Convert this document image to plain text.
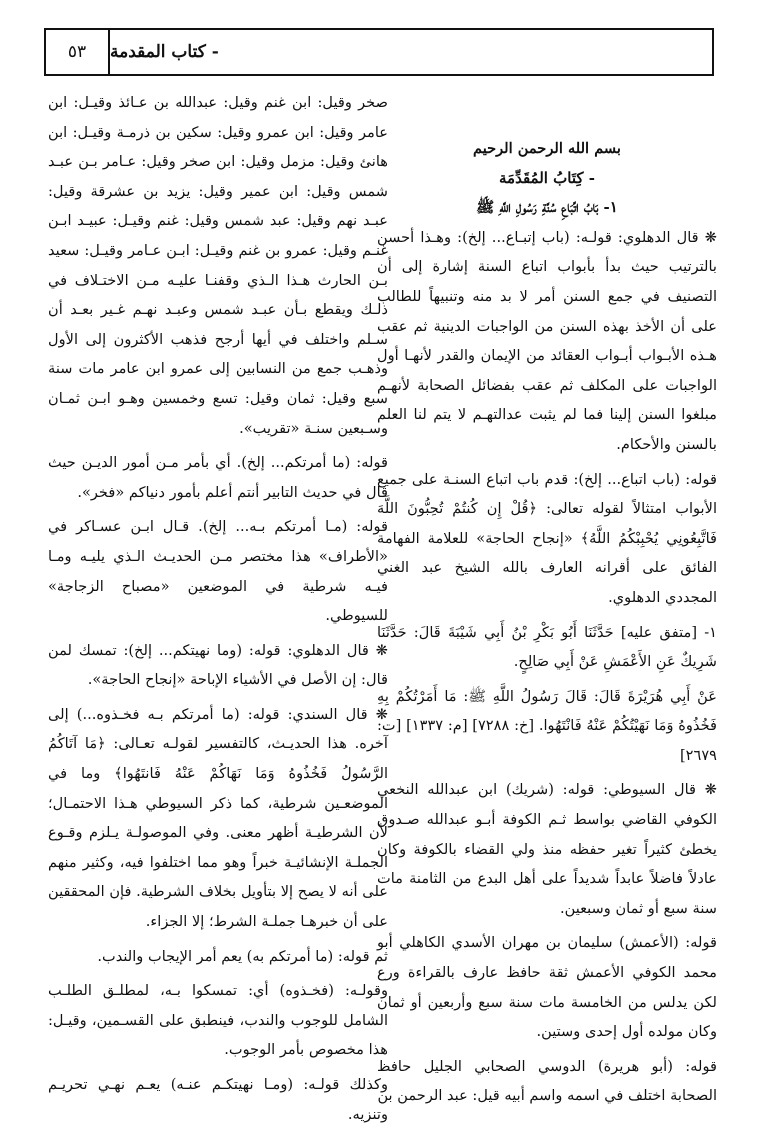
٥٣	- كتاب المقدمة

بسم الله الرحمن الرحيم

- كِتَابُ المُقَدِّمَة

١- بَابُ اتِّبَاعِ سُنَّةِ رَسُولِ اللَّهِ ﷺ

❋ قال الدهلوي: قولـه: (باب إتبـاع... إلخ): وهـذا أحسن بالترتيب حيث بدأ بأبواب اتباع السنة إشارة إلى أن التصنيف في جمع السنن أمر لا بد منه وتنبيهاً للطالب على أن الأخذ بهذه السنن من الواجبات الدينية ثم عقب هـذه الأبـواب أبـواب العقائد من الإيمان والقدر لأنهـا أول الواجبات على المكلف ثم عقب بفضائل الصحابة لأنهـم مبلغوا السنن إلينا فما لم يثبت عدالتهـم لا يتم لنا العلم بالسنن والأحكام.

قوله: (باب اتباع... إلخ): قدم باب اتباع السنـة على جميع الأبواب امتثالاً لقوله تعالى: ﴿قُلْ إِن كُنتُمْ تُحِبُّونَ اللَّهَ فَاتَّبِعُونِي يُحْبِبْكُمُ اللَّهُ﴾ «إنجاح الحاجة» للعلامة الفهامة الفائق على أقرانه العارف بالله الشيخ عبد الغني المجددي الدهلوي.

١- [متفق عليه] حَدَّثَنَا أَبُو بَكْرِ بْنُ أَبِي شَيْبَةَ قَالَ: حَدَّثَنَا شَرِيكٌ عَنِ الأَعْمَشِ عَنْ أَبِي صَالِحٍ.

عَنْ أَبِي هُرَيْرَةَ قَالَ: قَالَ رَسُولُ اللَّهِ ﷺ: مَا أَمَرْتُكُمْ بِهِ فَخُذُوهُ وَمَا نَهَيْتُكُمْ عَنْهُ فَانْتَهُوا. [خ: ٧٢٨٨] [م: ١٣٣٧] [ت: ٢٦٧٩]

❋ قال السيوطي: قوله: (شريك) ابن عبدالله النخعي الكوفي القاضي بواسط ثـم الكوفة أبـو عبدالله صـدوق يخطئ كثيراً تغير حفظه منذ ولي القضاء بالكوفة وكان عادلاً فاضلاً عابداً شديداً على أهل البدع من الثامنة مات سنة سبع أو ثمان وسبعين.

قوله: (الأعمش) سليمان بن مهران الأسدي الكاهلي أبو محمد الكوفي الأعمش ثقة حافظ عارف بالقراءة ورع لكن يدلس من الخامسة مات سنة سبع وأربعين أو ثمان وكان مولده أول إحدى وستين.

قوله: (أبو هريرة) الدوسي الصحابي الجليل حافظ الصحابة اختلف في اسمه واسم أبيه قيل: عبد الرحمن بن

صخر وقيل: ابن غنم وقيل: عبدالله بن عـائذ وقيـل: ابن عامر وقيل: ابن عمرو وقيل: سكين بن ذرمـة وقيـل: ابن هانئ وقيل: مزمل وقيل: ابن صخر وقيل: عـامر بـن عبـد شمس وقيل: ابن عمير وقيل: يزيد بن عشرقة وقيل: عبـد نهم وقيل: عبد شمس وقيل: غنم وقيـل: عبيـد ابـن غنـم وقيل: عمرو بن غنم وقيـل: ابـن عـامر وقيـل: سعيد بـن الحارث هـذا الـذي وقفنـا عليـه مـن الاختـلاف في ذلـك ويقطع بـأن عبـد شمس وعبـد نهـم غـير بعـد أن سـلم واختلف في أيها أرجح فذهب الأكثرون إلى الأول وذهـب جمع من النسابين إلى عمرو ابن عامر مات سنة سبع وقيل: ثمان وقيل: تسع وخمسين وهـو ابـن ثمـان وسـبعين سنـة «تقريب».

قوله: (ما أمرتكم... إلخ). أي بأمر مـن أمور الديـن حيث قال في حديث التابير أنتم أعلم بأمور دنياكم «فخر».

قوله: (مـا أمرتكم بـه... إلخ). قـال ابـن عسـاكر في «الأطراف» هذا مختصر مـن الحديـث الـذي يليـه ومـا فيـه شرطية في الموضعين «مصباح الزجاجة» للسيوطي.

❋ قال الدهلوي: قوله: (وما نهيتكم... إلخ): تمسك لمن قال: إن الأصل في الأشياء الإباحة «إنجاح الحاجة».

❋ قال السندي: قوله: (ما أمرتكم بـه فخـذوه...) إلى آخره. هذا الحديـث، كالتفسير لقولـه تعـالى: ﴿مَا آتَاكُمُ الرَّسُولُ فَخُذُوهُ وَمَا نَهَاكُمْ عَنْهُ فَانتَهُوا﴾ وما في الموضعـين شرطية، كما ذكر السيوطي هـذا الاحتمـال؛ لأن الشرطيـة أظهر معنى. وفي الموصولـة يـلزم وقـوع الجملـة الإنشائيـة خبراً وهو مما اختلفوا فيه، وكثير منهم على أنه لا يصح إلا بتأويل بخلاف الشرطية. فإن المحققين على أن خبرهـا جملـة الشرط؛ إلا الجزاء.

ثم قوله: (ما أمرتكم به) يعم أمر الإيجاب والندب.

وقولـه: (فخـذوه) أي: تمسكوا بـه، لمطلـق الطلـب الشامل للوجوب والندب، فينطبق على القسـمين، وقيـل: هذا مخصوص بأمر الوجوب.

وكذلك قولـه: (ومـا نهيتكـم عنـه) يعـم نهـي تحريـم وتنزيه.
